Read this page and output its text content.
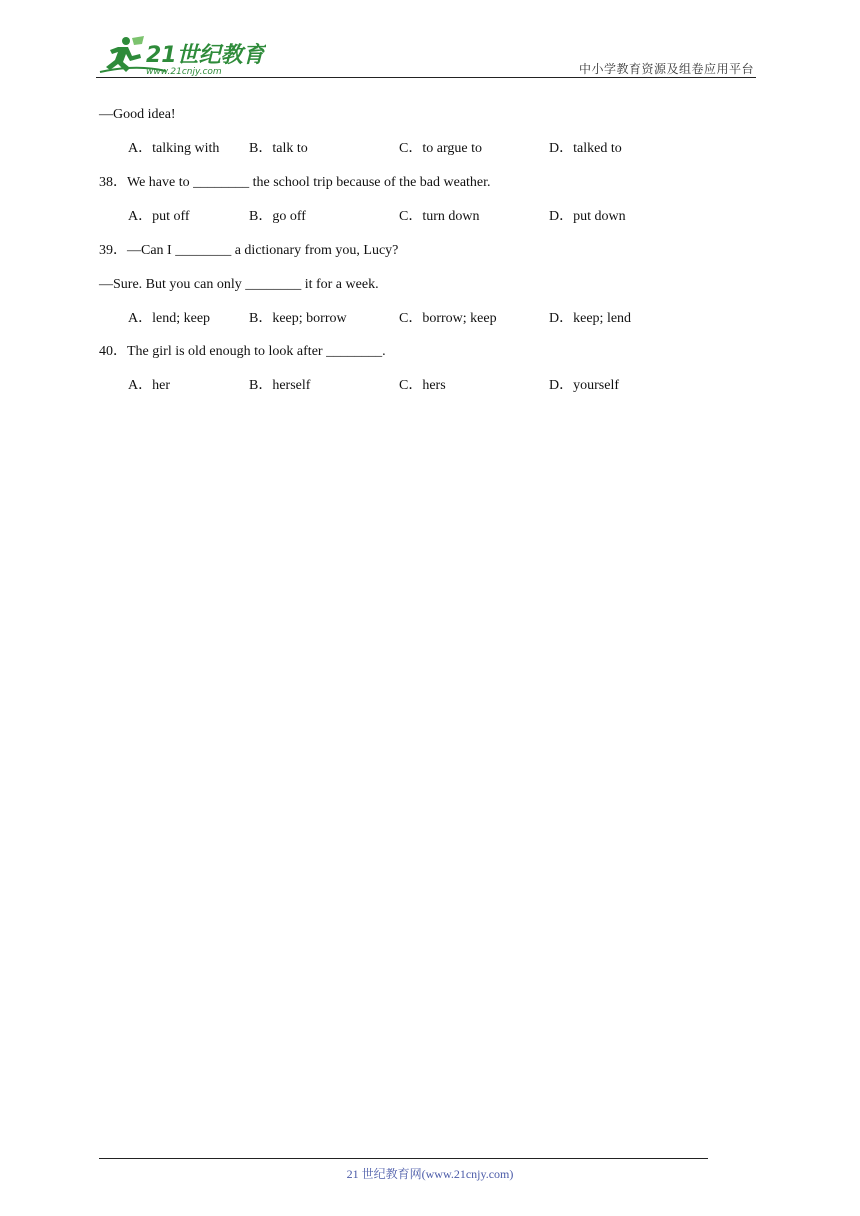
21世纪教育
www.21cnjy.com	中小学教育资源及组卷应用平台
—Good idea!
A．talking with B．talk to	C．to argue to	D．talked to
38．We have to ________ the school trip because of the bad weather.
A．put off	B．go off	C．turn down	D．put down
39．—Can I ________ a dictionary from you, Lucy?
—Sure. But you can only ________ it for a week.
A．lend; keep	B．keep; borrow	C．borrow; keep	D．keep; lend
40．The girl is old enough to look after ________.
A．her	B．herself	C．hers	D．yourself
21 世纪教育网(www.21cnjy.com)
